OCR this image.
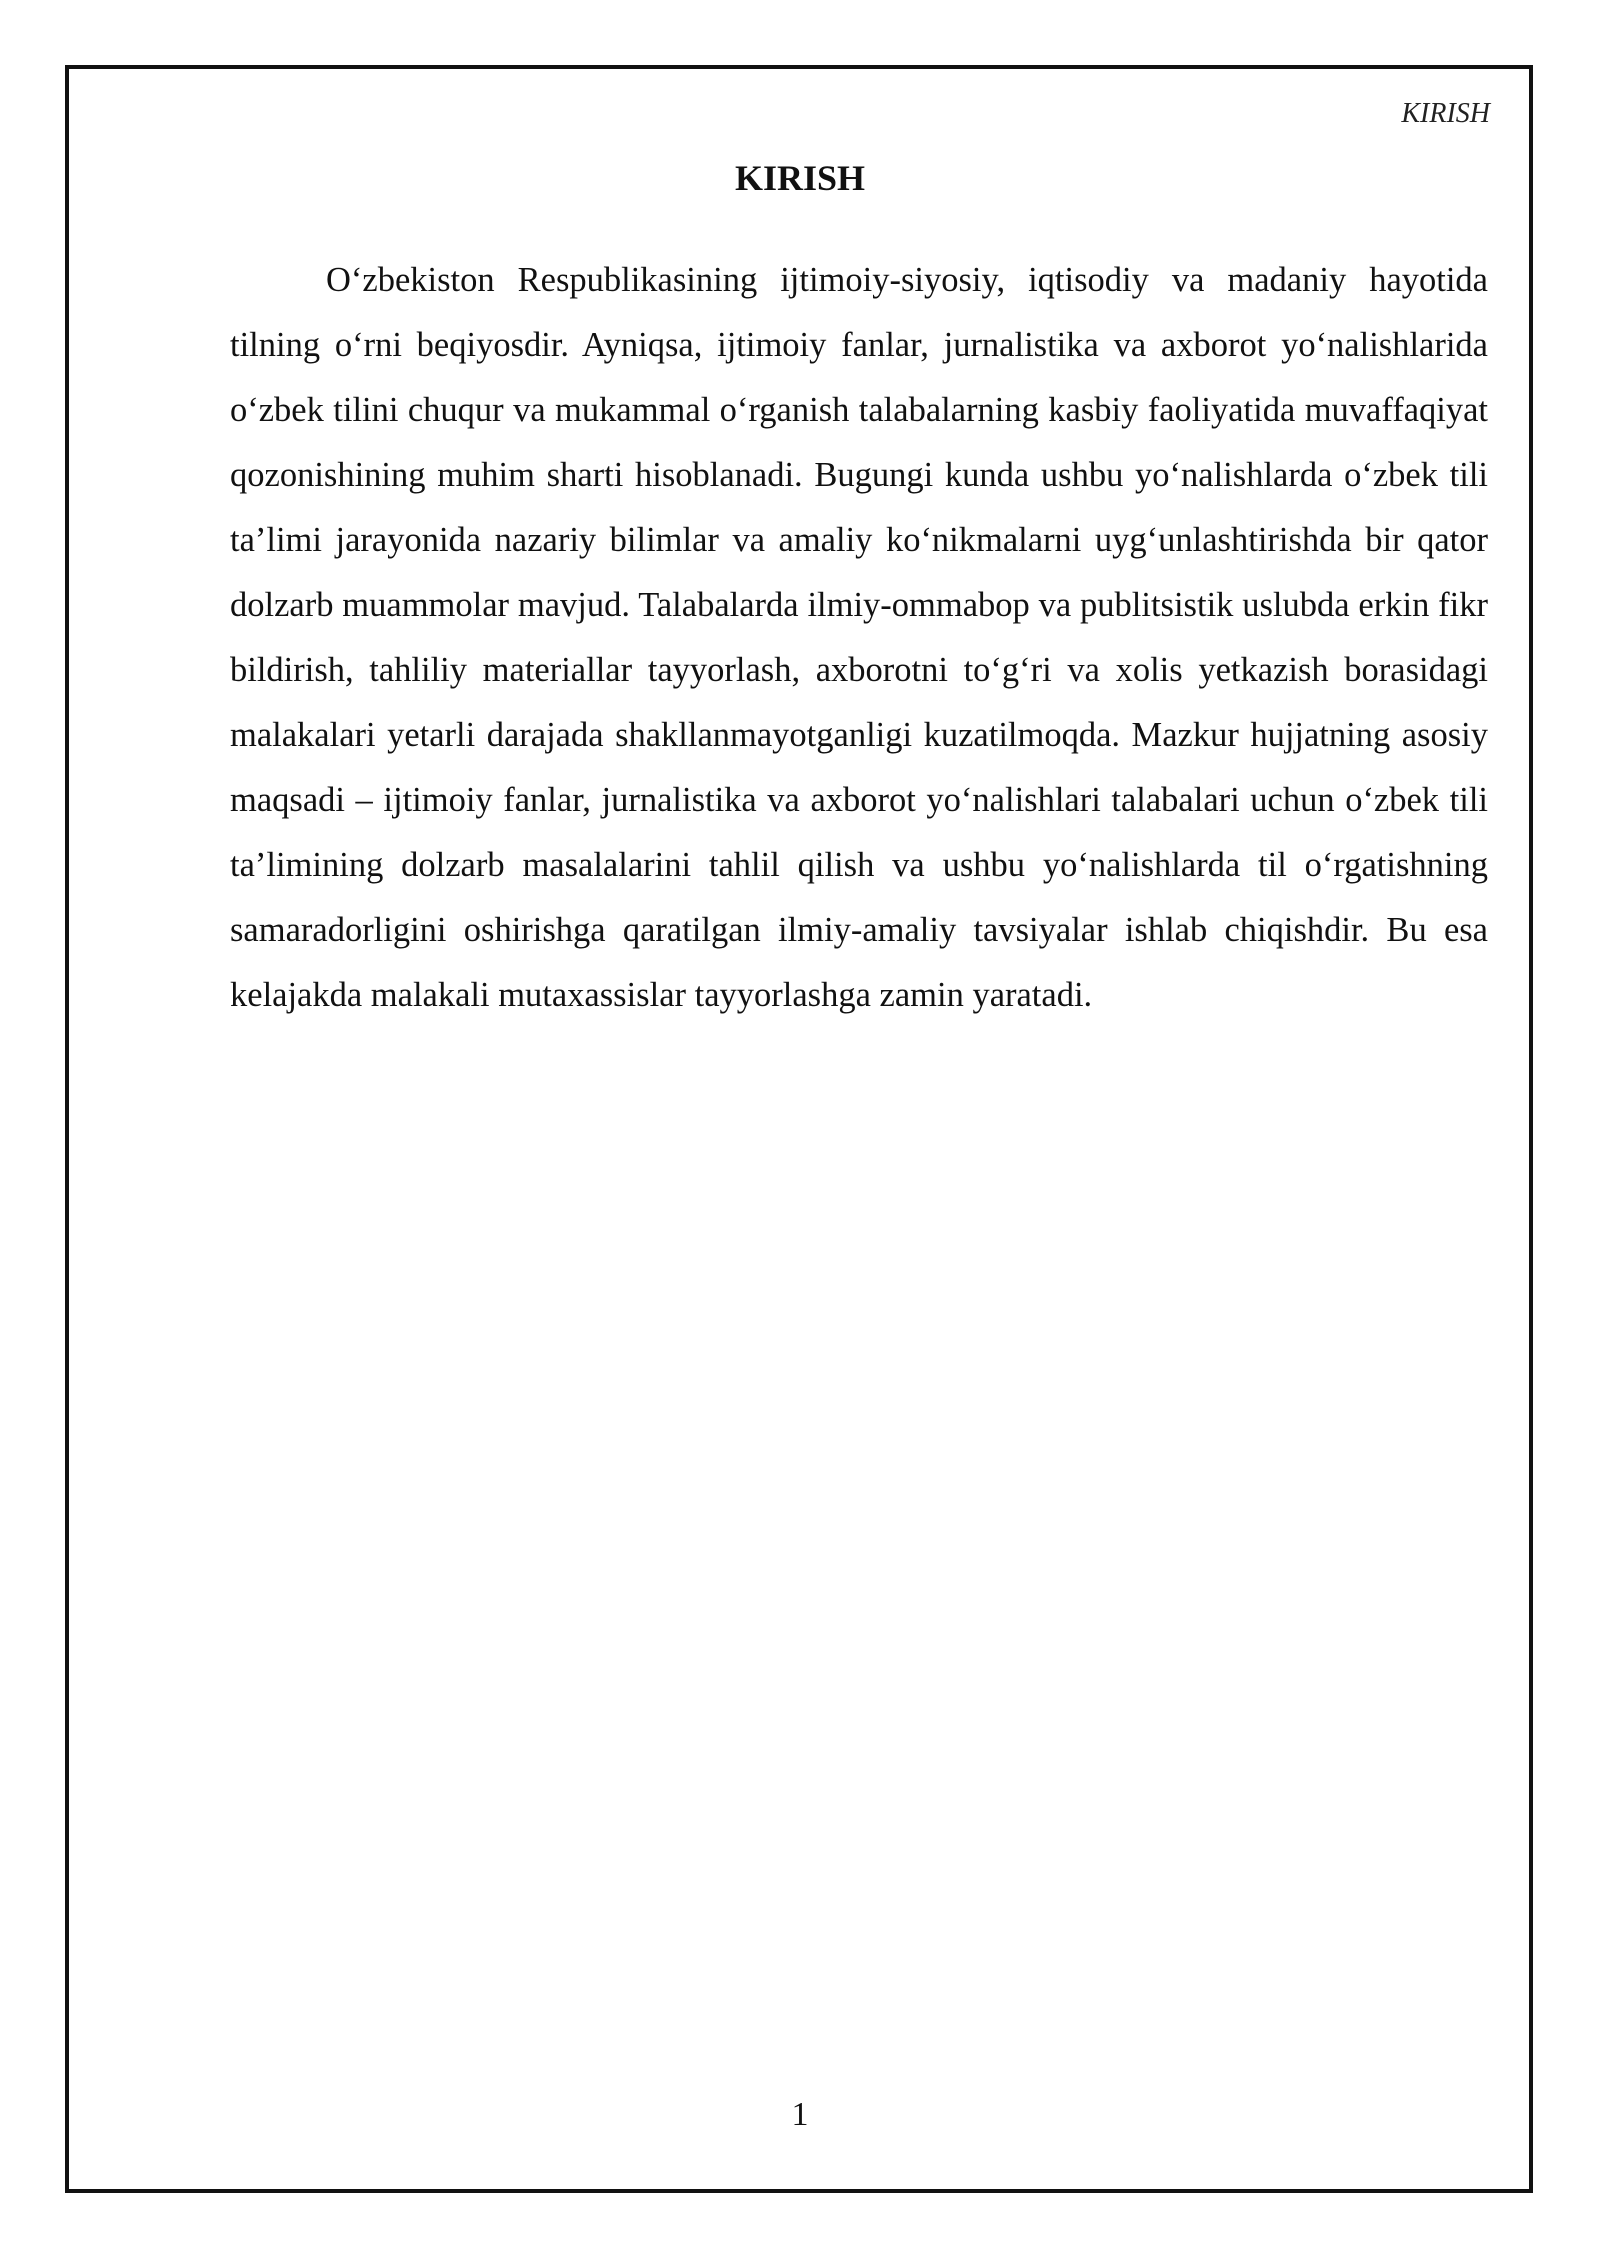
KIRISH
KIRISH

O‘zbekiston Respublikasining ijtimoiy-siyosiy, iqtisodiy va madaniy hayotida tilning o‘rni beqiyosdir. Ayniqsa, ijtimoiy fanlar, jurnalistika va axborot yo‘nalishlarida o‘zbek tilini chuqur va mukammal o‘rganish talabalarning kasbiy faoliyatida muvaffaqiyat qozonishining muhim sharti hisoblanadi. Bugungi kunda ushbu yo‘nalishlarda o‘zbek tili ta’limi jarayonida nazariy bilimlar va amaliy ko‘nikmalarni uyg‘unlashtirishda bir qator dolzarb muammolar mavjud. Talabalarda ilmiy-ommabop va publitsistik uslubda erkin fikr bildirish, tahliliy materiallar tayyorlash, axborotni to‘g‘ri va xolis yetkazish borasidagi malakalari yetarli darajada shakllanmayotganligi kuzatilmoqda. Mazkur hujjatning asosiy maqsadi – ijtimoiy fanlar, jurnalistika va axborot yo‘nalishlari talabalari uchun o‘zbek tili ta’limining dolzarb masalalarini tahlil qilish va ushbu yo‘nalishlarda til o‘rgatishning samaradorligini oshirishga qaratilgan ilmiy-amaliy tavsiyalar ishlab chiqishdir. Bu esa kelajakda malakali mutaxassislar tayyorlashga zamin yaratadi.

1
